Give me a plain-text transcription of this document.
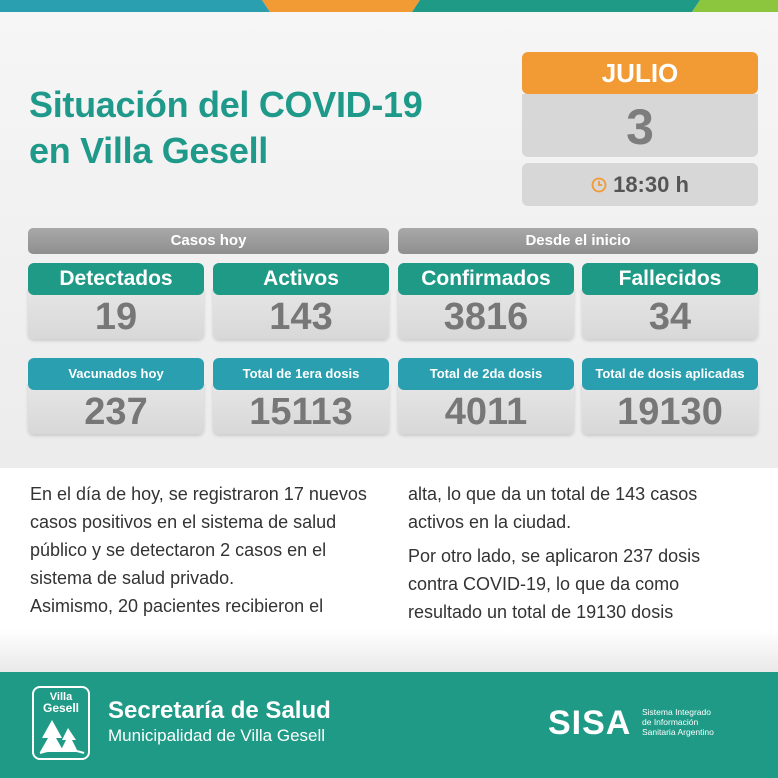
Situación del COVID-19
en Villa Gesell
JULIO
3
18:30 h
Casos hoy	Desde el inicio
Detectados
19
Activos
143
Confirmados
3816
Fallecidos
34
Vacunados hoy
237
Total de 1era dosis
15113
Total de 2da dosis
4011
Total de dosis aplicadas
19130

En el día de hoy, se registraron 17 nuevos

casos positivos en el sistema de salud

público y se detectaron 2 casos en el

sistema de salud privado.

Asimismo, 20 pacientes recibieron el

alta, lo que da un total de 143 casos

activos en la ciudad.

Por otro lado, se aplicaron 237 dosis

contra COVID-19, lo que da como

resultado un total de 19130 dosis

Villa
Gesell	Secretaría de Salud
Municipalidad de Villa Gesell	SISA Sistema Integrado
de Información
Sanitaria Argentino
